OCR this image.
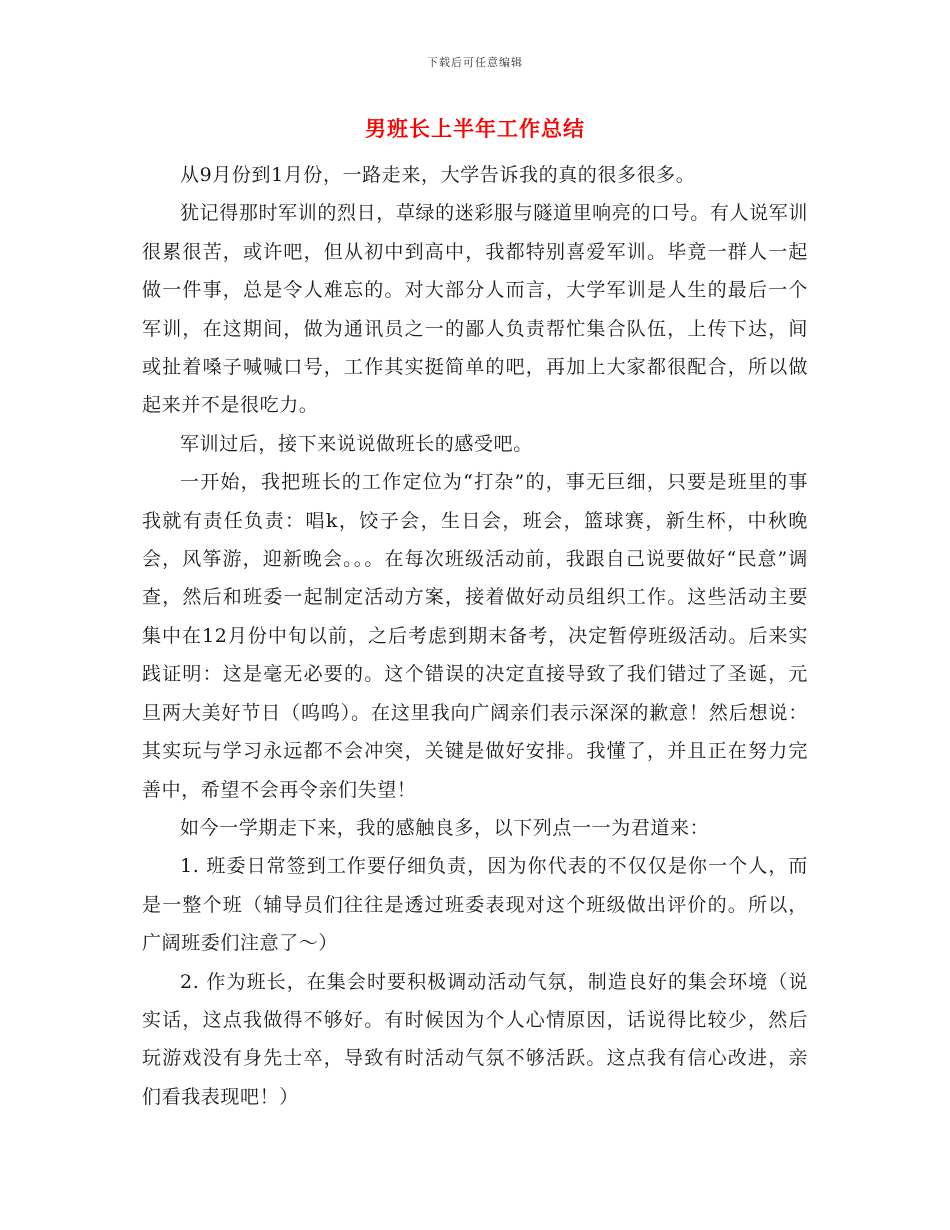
下载后可任意编辑
男班长上半年工作总结

从9月份到1月份，一路走来，大学告诉我的真的很多很多。

犹记得那时军训的烈日，草绿的迷彩服与隧道里响亮的口号。有人说军训很累很苦，或许吧，但从初中到高中，我都特别喜爱军训。毕竟一群人一起做一件事，总是令人难忘的。对大部分人而言，大学军训是人生的最后一个军训，在这期间，做为通讯员之一的鄙人负责帮忙集合队伍，上传下达，间或扯着嗓子喊喊口号，工作其实挺简单的吧，再加上大家都很配合，所以做起来并不是很吃力。

军训过后，接下来说说做班长的感受吧。

一开始，我把班长的工作定位为“打杂”的，事无巨细，只要是班里的事我就有责任负责：唱k，饺子会，生日会，班会，篮球赛，新生杯，中秋晚会，风筝游，迎新晚会。。。在每次班级活动前，我跟自己说要做好“民意”调查，然后和班委一起制定活动方案，接着做好动员组织工作。这些活动主要集中在12月份中旬以前，之后考虑到期末备考，决定暂停班级活动。后来实践证明：这是毫无必要的。这个错误的决定直接导致了我们错过了圣诞，元旦两大美好节日（呜呜）。在这里我向广阔亲们表示深深的歉意！然后想说：其实玩与学习永远都不会冲突，关键是做好安排。我懂了，并且正在努力完善中，希望不会再令亲们失望！

如今一学期走下来，我的感触良多，以下列点一一为君道来：

1. 班委日常签到工作要仔细负责，因为你代表的不仅仅是你一个人，而是一整个班（辅导员们往往是透过班委表现对这个班级做出评价的。所以，广阔班委们注意了～）

2. 作为班长，在集会时要积极调动活动气氛，制造良好的集会环境（说实话，这点我做得不够好。有时候因为个人心情原因，话说得比较少，然后玩游戏没有身先士卒，导致有时活动气氛不够活跃。这点我有信心改进，亲们看我表现吧！）
